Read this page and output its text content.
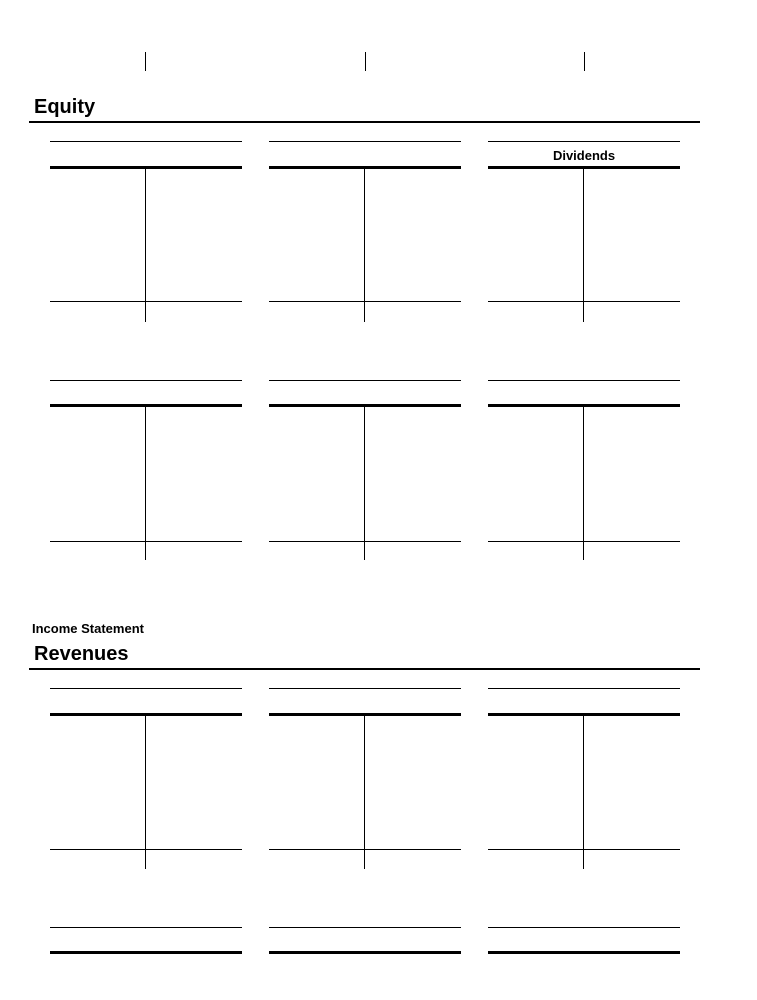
Equity
Dividends
Income Statement
Revenues
